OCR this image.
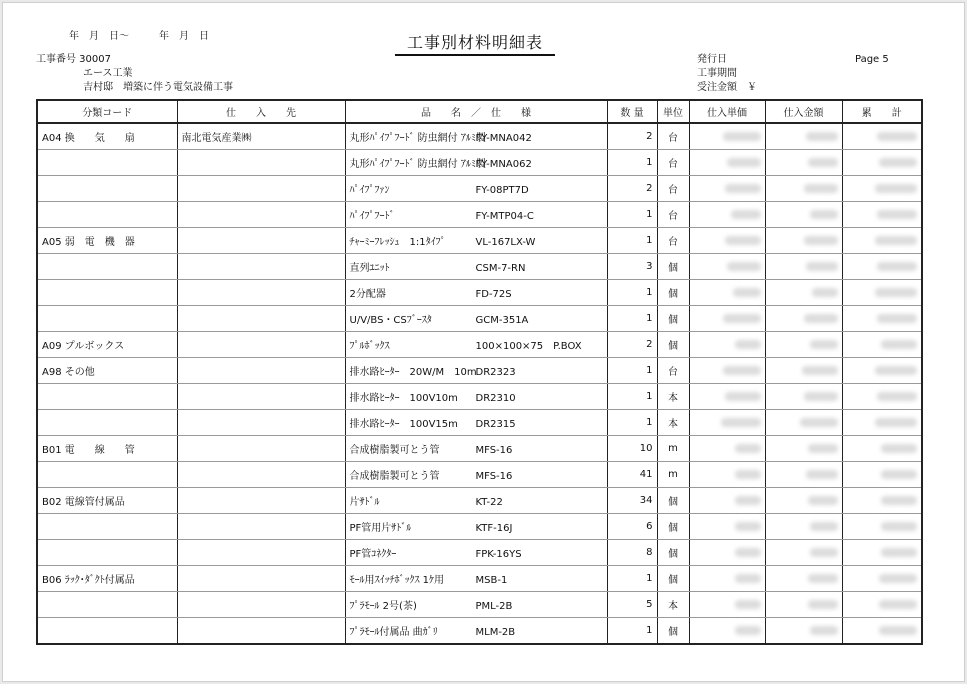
年　月　日～　　　年　月　日	工事別材料明細表
工事番号 30007
エース工業
吉村邸　増築に伴う電気設備工事
発行日	Page 5
工事期間
受注金額　￥
分類コード	仕　　入　　先	品　　名　／　仕　　様	数 量	単位	仕入単価	仕入金額	累　　計
A04 換　　気　　扇	南北電気産業㈱	丸形ﾊﾟｲﾌﾟﾌｰﾄﾞ 防虫網付 ｱﾙﾐ製FY-MNA042	2	台			
		丸形ﾊﾟｲﾌﾟﾌｰﾄﾞ 防虫網付 ｱﾙﾐ製FY-MNA062	1	台			
		ﾊﾟｲﾌﾟﾌｧﾝ FY-08PT7D	2	台			
		ﾊﾟｲﾌﾟﾌｰﾄﾞ FY-MTP04-C	1	台			
A05 弱　電　機　器		ﾁｬｰﾐｰﾌﾚｯｼｭ　1:1ﾀｲﾌﾟ VL-167LX-W	1	台			
		直列ﾕﾆｯﾄ CSM-7-RN	3	個			
		2分配器 FD-72S	1	個			
		U/V/BS・CSﾌﾞｰｽﾀ GCM-351A	1	個			
A09 プルボックス		ﾌﾟﾙﾎﾞｯｸｽ 100×100×75　P.BOX	2	個			
A98 その他		排水路ﾋｰﾀｰ　20W/M　10mDR2323	1	台			
		排水路ﾋｰﾀｰ　100V10m DR2310	1	本			
		排水路ﾋｰﾀｰ　100V15m DR2315	1	本			
B01 電　　線　　管		合成樹脂製可とう管 MFS-16	10	m			
		合成樹脂製可とう管 MFS-16	41	m			
B02 電線管付属品		片ｻﾄﾞﾙ KT-22	34	個			
		PF管用片ｻﾄﾞﾙ KTF-16J	6	個			
		PF管ｺﾈｸﾀｰ FPK-16YS	8	個			
B06 ﾗｯｸ･ﾀﾞｸﾄ付属品		ﾓｰﾙ用ｽｲｯﾁﾎﾞｯｸｽ 1ｹ用 MSB-1	1	個			
		ﾌﾟﾗﾓｰﾙ 2号(茶) PML-2B	5	本			
		ﾌﾟﾗﾓｰﾙ付属品 曲ｶﾞﾘ MLM-2B	1	個			
